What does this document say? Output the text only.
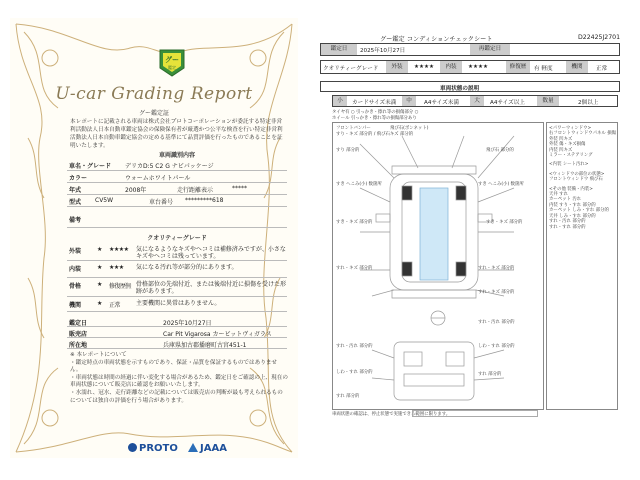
グー
鑑定
U-car Grading Report
グー鑑定証
本レポートに記載される車両は株式会社プロトコーポレーションが委託する特定非営利活動法人日本自動車鑑定協会の保険保有者が厳選かつ公平な検査を行い特定非営利活動法人日本自動車鑑定協会の定める基準にて品質評価を行ったものであることを証明いたします。
車両識別内容
車名・グレード デリカD:5 C2 G ナビパッケージ
カラー	ウォームホワイトパール
年式	2008年	走行距離表示	*****
型式 CV5W	車台番号 *********618
備考
クオリティーグレード
外装	★ ★★★★ 気になるようなキズやヘコミは補修済みですが、小さなキズやヘコミは残っています。
内装	★ ★★★ 気になる汚れ等が部分的にあります。
骨格	★ 修復歴無 骨格部位の先端付近、または後端付近に損傷を受けた形跡があります。
機関	★ 正常	主要機関に異常はありません。
鑑定日	2025年10月27日
販売店	Car Pit Vigarosa カービットヴィガラス
所在地	兵庫県加古郡播磨町古宮451-1
※ 本レポートについて
・鑑定時点の車両状態を示すものであり、保証・品質を保証するものではありません。
・車両状態は時間の経過に伴い変化する場合があるため、鑑定日をご確認の上、現在の車両状態について販売店に確認をお願いいたします。
・水濡れ、冠水、走行距離などの記載については販売店の判断が最も考えられるものについては独自の評価を行う場合があります。
PROTO	JAAA
グー鑑定 コンディションチェックシート	D22425J2701
鑑定日	2025年10月27日	再鑑定日
クオリティーグレード	外装	★★★★	内装	★★★★	修復歴	有 軽度	機関	正常
車両状態の説明
小	カードサイズ未満	中	A4サイズ未満	大	A4サイズ以上	数量	2個以上
タイヤ有 ○ 引っかき・擦れ等の損傷部分 ○
ホイール 引っかき・擦れ等の損傷部分あり
フロントバンパー
すり・キズ 部分的 / 飛び石キズ 部分的
飛び石(ボンネット)
すり 部分的
すき へこみ(小) 数箇所	すき へこみ(小) 数箇所
すき・キズ 部分的	すき・キズ 部分的
飛び石 部分的
すれ・キズ 部分的	すれ・キズ 部分的
すれ・キズ 部分的
すれ・汚れ 部分的
すれ・汚れ 部分的
しわ・すれ 部分的
しわ・すれ 部分的
すれ 部分的
すれ 部分的
<パワーウィンドウ>
右フロントウィンドウパネル 損傷
外装 凹キズ
外装 傷・キズ損傷
内装 凹キズ
ミラー・ステアリング
<内装 シート汚れ>
<ウィンドウの部位の状態>
フロントウィンドウ 飛び石
<その他 装備・内装>
天井 すれ
カーペット 汚れ
内装 すり・すれ 部分的
カーペット しみ・すれ 部分的
天井 しみ・すれ 部分的
すれ・汚れ 部分的
すれ・すれ 部分的
車両状態の確認は、停止状態で実施できる範囲に限ります。
